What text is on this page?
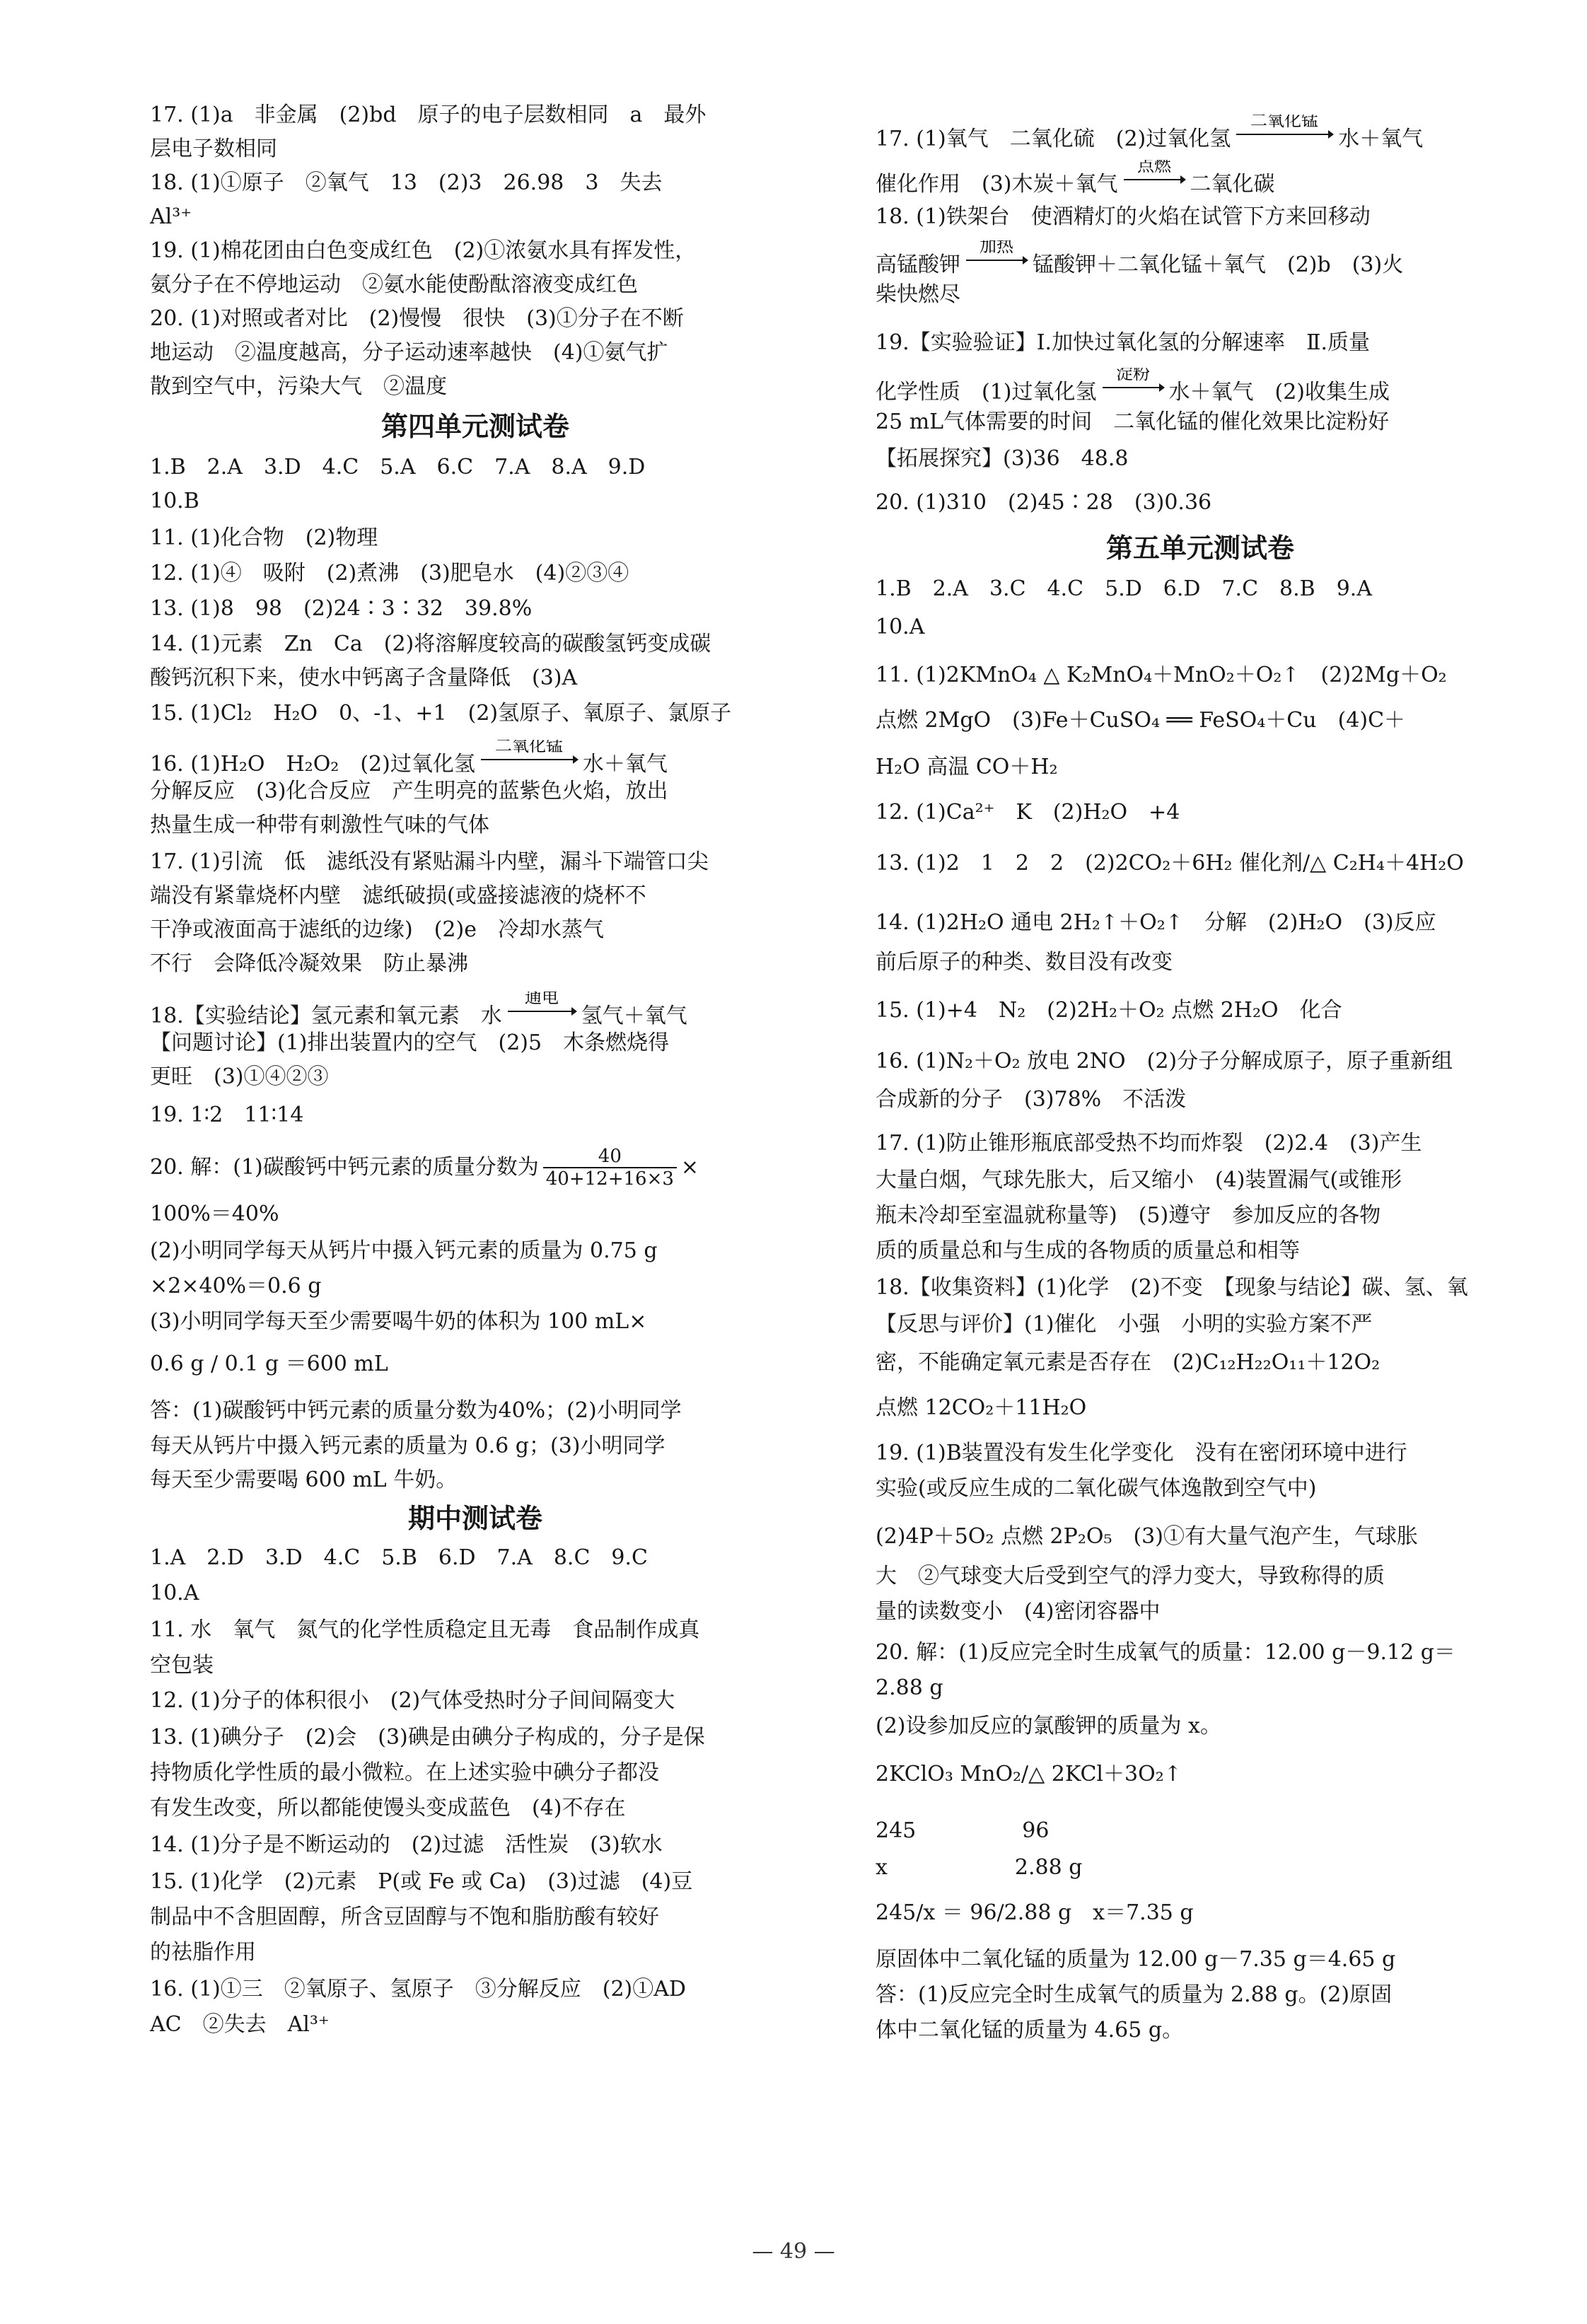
17. (1)a　非金属　(2)bd　原子的电子层数相同　a　最外
层电子数相同
18. (1)①原子　②氧气　13　(2)3　26.98　3　失去
Al³⁺
19. (1)棉花团由白色变成红色　(2)①浓氨水具有挥发性，
氨分子在不停地运动　②氨水能使酚酞溶液变成红色
20. (1)对照或者对比　(2)慢慢　很快　(3)①分子在不断
地运动　②温度越高，分子运动速率越快　(4)①氨气扩
散到空气中，污染大气　②温度
第四单元测试卷
1.B　2.A　3.D　4.C　5.A　6.C　7.A　8.A　9.D
10.B
11. (1)化合物　(2)物理
12. (1)④　吸附　(2)煮沸　(3)肥皂水　(4)②③④
13. (1)8　98　(2)24∶3∶32　39.8%
14. (1)元素　Zn　Ca　(2)将溶解度较高的碳酸氢钙变成碳
酸钙沉积下来，使水中钙离子含量降低　(3)A
15. (1)Cl₂　H₂O　0、-1、+1　(2)氢原子、氧原子、氯原子
16. (1)H₂O　H₂O₂　(2)过氧化氢
二氧化锰
水＋氧气
分解反应　(3)化合反应　产生明亮的蓝紫色火焰，放出
热量生成一种带有刺激性气味的气体
17. (1)引流　低　滤纸没有紧贴漏斗内壁，漏斗下端管口尖
端没有紧靠烧杯内壁　滤纸破损(或盛接滤液的烧杯不
干净或液面高于滤纸的边缘)　(2)e　冷却水蒸气
不行　会降低冷凝效果　防止暴沸
18.【实验结论】氢元素和氧元素　水
通电
氢气＋氧气
【问题讨论】(1)排出装置内的空气　(2)5　木条燃烧得
更旺　(3)①④②③
19. 1∶2　11∶14
20. 解：(1)碳酸钙中钙元素的质量分数为 $\frac{40}{40+12+16\times 3}$ ×
100%＝40%
(2)小明同学每天从钙片中摄入钙元素的质量为 0.75 g
×2×40%＝0.6 g
(3)小明同学每天至少需要喝牛奶的体积为 100 mL×
0.6 g / 0.1 g ＝600 mL
答：(1)碳酸钙中钙元素的质量分数为40%；(2)小明同学
每天从钙片中摄入钙元素的质量为 0.6 g；(3)小明同学
每天至少需要喝 600 mL 牛奶。
期中测试卷
1.A　2.D　3.D　4.C　5.B　6.D　7.A　8.C　9.C
10.A
11. 水　氧气　氮气的化学性质稳定且无毒　食品制作成真
空包装
12. (1)分子的体积很小　(2)气体受热时分子间间隔变大
13. (1)碘分子　(2)会　(3)碘是由碘分子构成的，分子是保
持物质化学性质的最小微粒。在上述实验中碘分子都没
有发生改变，所以都能使馒头变成蓝色　(4)不存在
14. (1)分子是不断运动的　(2)过滤　活性炭　(3)软水
15. (1)化学　(2)元素　P(或 Fe 或 Ca)　(3)过滤　(4)豆
制品中不含胆固醇，所含豆固醇与不饱和脂肪酸有较好
的祛脂作用
16. (1)①三　②氧原子、氢原子　③分解反应　(2)①AD
AC　②失去　Al³⁺
17. (1)氧气　二氧化硫　(2)过氧化氢
二氧化锰
水＋氧气
催化作用　(3)木炭＋氧气
点燃
二氧化碳
18. (1)铁架台　使酒精灯的火焰在试管下方来回移动
高锰酸钾
加热
锰酸钾＋二氧化锰＋氧气　(2)b　(3)火
柴快燃尽
19.【实验验证】Ⅰ.加快过氧化氢的分解速率　Ⅱ.质量
化学性质　(1)过氧化氢
淀粉
水＋氧气　(2)收集生成
25 mL气体需要的时间　二氧化锰的催化效果比淀粉好
【拓展探究】(3)36　48.8
20. (1)310　(2)45∶28　(3)0.36
第五单元测试卷
1.B　2.A　3.C　4.C　5.D　6.D　7.C　8.B　9.A
10.A
11. (1)2KMnO₄ △ K₂MnO₄＋MnO₂＋O₂↑　(2)2Mg＋O₂
点燃 2MgO　(3)Fe＋CuSO₄ ══ FeSO₄＋Cu　(4)C＋
H₂O 高温 CO＋H₂
12. (1)Ca²⁺　K　(2)H₂O　+4
13. (1)2　1　2　2　(2)2CO₂＋6H₂ 催化剂/△ C₂H₄＋4H₂O
14. (1)2H₂O 通电 2H₂↑＋O₂↑　分解　(2)H₂O　(3)反应
前后原子的种类、数目没有改变
15. (1)+4　N₂　(2)2H₂＋O₂ 点燃 2H₂O　化合
16. (1)N₂＋O₂ 放电 2NO　(2)分子分解成原子，原子重新组
合成新的分子　(3)78%　不活泼
17. (1)防止锥形瓶底部受热不均而炸裂　(2)2.4　(3)产生
大量白烟，气球先胀大，后又缩小　(4)装置漏气(或锥形
瓶未冷却至室温就称量等)　(5)遵守　参加反应的各物
质的质量总和与生成的各物质的质量总和相等
18.【收集资料】(1)化学　(2)不变　【现象与结论】碳、氢、氧
【反思与评价】(1)催化　小强　小明的实验方案不严
密，不能确定氧元素是否存在　(2)C₁₂H₂₂O₁₁＋12O₂
点燃 12CO₂＋11H₂O
19. (1)B装置没有发生化学变化　没有在密闭环境中进行
实验(或反应生成的二氧化碳气体逸散到空气中)
(2)4P＋5O₂ 点燃 2P₂O₅　(3)①有大量气泡产生，气球胀
大　②气球变大后受到空气的浮力变大，导致称得的质
量的读数变小　(4)密闭容器中
20. 解：(1)反应完全时生成氧气的质量：12.00 g－9.12 g＝
2.88 g
(2)设参加反应的氯酸钾的质量为 x。
2KClO₃ MnO₂/△ 2KCl＋3O₂↑
245　　　　　96
x　　　　　　2.88 g
245/x ＝ 96/2.88 g　x＝7.35 g
原固体中二氧化锰的质量为 12.00 g－7.35 g＝4.65 g
答：(1)反应完全时生成氧气的质量为 2.88 g。(2)原固
体中二氧化锰的质量为 4.65 g。
— 49 —
